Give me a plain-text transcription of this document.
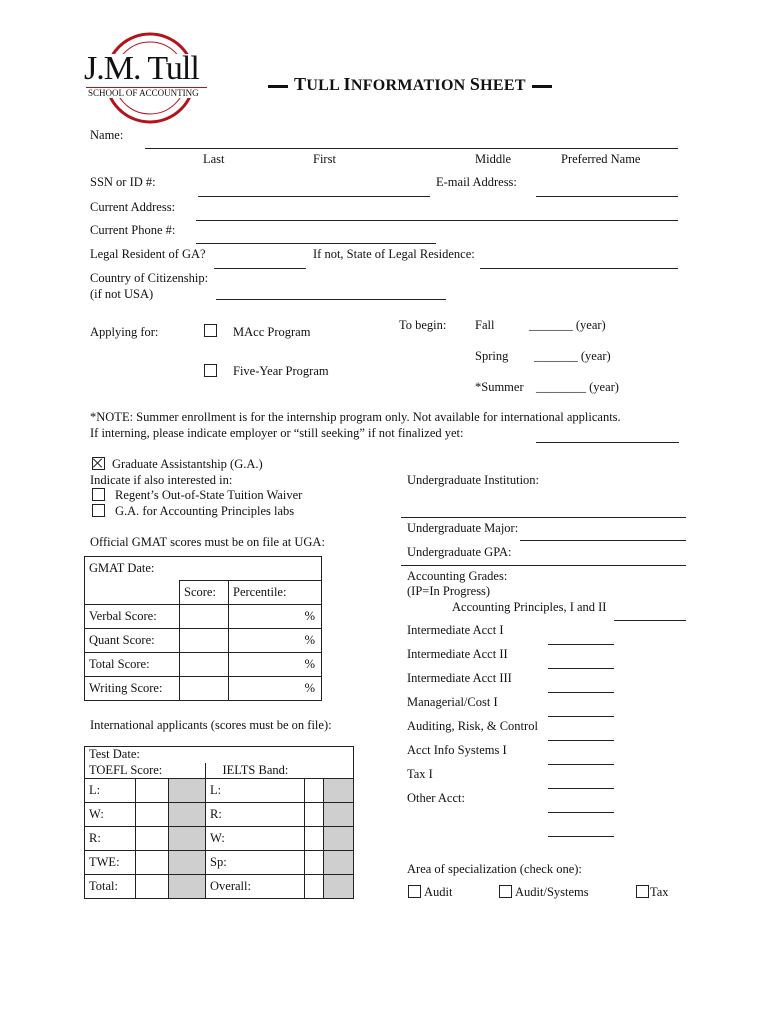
J.M. Tull
SCHOOL OF ACCOUNTING	TULL INFORMATION SHEET
Name:
Last	First	Middle	Preferred Name
SSN or ID #:	E-mail Address:
Current Address:
Current Phone #:
Legal Resident of GA?	If not, State of Legal Residence:
Country of Citizenship:
(if not USA)
Applying for:	MAcc Program
Five-Year Program
To begin: Fall	_______ (year)
Spring _______ (year)
*Summer ________ (year)
*NOTE: Summer enrollment is for the internship program only. Not available for international applicants.
If interning, please indicate employer or “still seeking” if not finalized yet:
Graduate Assistantship (G.A.)
Indicate if also interested in:
Regent’s Out-of-State Tuition Waiver
G.A. for Accounting Principles labs
Official GMAT scores must be on file at UGA:
GMAT Date:		
	Score:	Percentile:
Verbal Score:		%
Quant Score:		%
Total Score:		%
Writing Score:		%
International applicants (scores must be on file):
Test Date:					
TOEFL Score:			IELTS Band:		
L:			L:		
W:			R:		
R:			W:		
TWE:			Sp:		
Total:			Overall:		
Undergraduate Institution:
Undergraduate Major:
Undergraduate GPA:
Accounting Grades:
(IP=In Progress)
Accounting Principles, I and II
Intermediate Acct I
Intermediate Acct II
Intermediate Acct III
Managerial/Cost I
Auditing, Risk, & Control
Acct Info Systems I
Tax I
Other Acct:
Area of specialization (check one):
Audit	Audit/Systems	Tax
